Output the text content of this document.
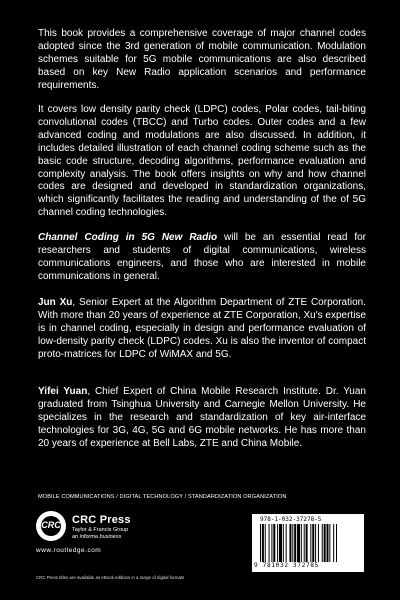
This book provides a comprehensive coverage of major channel codes adopted since the 3rd generation of mobile communication. Modulation schemes suitable for 5G mobile communications are also described based on key New Radio application scenarios and performance requirements.

It covers low density parity check (LDPC) codes, Polar codes, tail-biting convolutional codes (TBCC) and Turbo codes. Outer codes and a few advanced coding and modulations are also discussed. In addition, it includes detailed illustration of each channel coding scheme such as the basic code structure, decoding algorithms, performance evaluation and complexity analysis. The book offers insights on why and how channel codes are designed and developed in standardization organizations, which significantly facilitates the reading and understanding of the of 5G channel coding technologies.

Channel Coding in 5G New Radio will be an essential read for researchers and students of digital communications, wireless communications engineers, and those who are interested in mobile communications in general.

Jun Xu, Senior Expert at the Algorithm Department of ZTE Corporation. With more than 20 years of experience at ZTE Corporation, Xu's expertise is in channel coding, especially in design and performance evaluation of low-density parity check (LDPC) codes. Xu is also the inventor of compact proto-matrices for LDPC of WiMAX and 5G.

Yifei Yuan, Chief Expert of China Mobile Research Institute. Dr. Yuan graduated from Tsinghua University and Carnegie Mellon University. He specializes in the research and standardization of key air-interface technologies for 3G, 4G, 5G and 6G mobile networks. He has more than 20 years of experience at Bell Labs, ZTE and China Mobile.

MOBILE COMMUNICATIONS / DIGITAL TECHNOLOGY / STANDARDIZATION ORGANIZATION
CRC	CRC Press
Taylor & Francis Group
an informa business
www.routledge.com
CRC Press titles are available as eBook editions in a range of digital formats
978-1-032-37278-5
9 781032 372785
